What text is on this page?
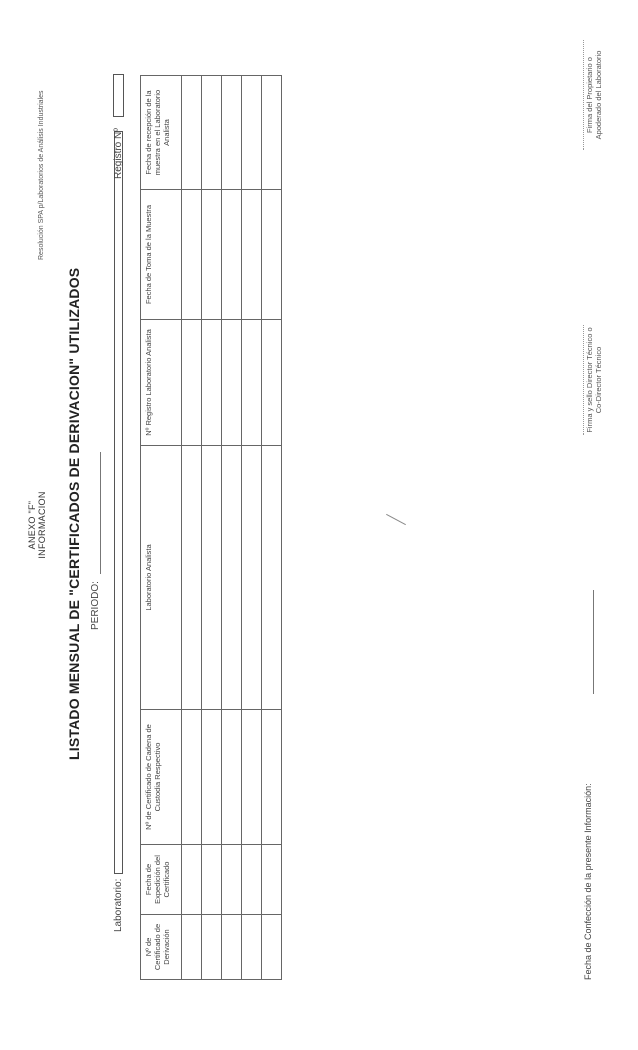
Resolución SPA p/Laboratorios de Análisis Industriales
ANEXO "F" INFORMACION LISTADO MENSUAL DE "CERTIFICADOS DE DERIVACION" UTILIZADOS PERIODO:
Laboratorio:
Registro Nº
Nº de Certificado de Derivación	Fecha de Expedición del Certificado	Nº de Certificado de Cadena de Custodia Respectivo	Laboratorio Analista	Nº Registro Laboratorio Analista	Fecha de Toma de la Muestra	Fecha de recepción de la muestra en el Laboratorio Analista

Firma y sello Director Técnico o Co-Director Técnico
Firma del Propietario o Apoderado del Laboratorio
Fecha de Confección de la presente Información:
